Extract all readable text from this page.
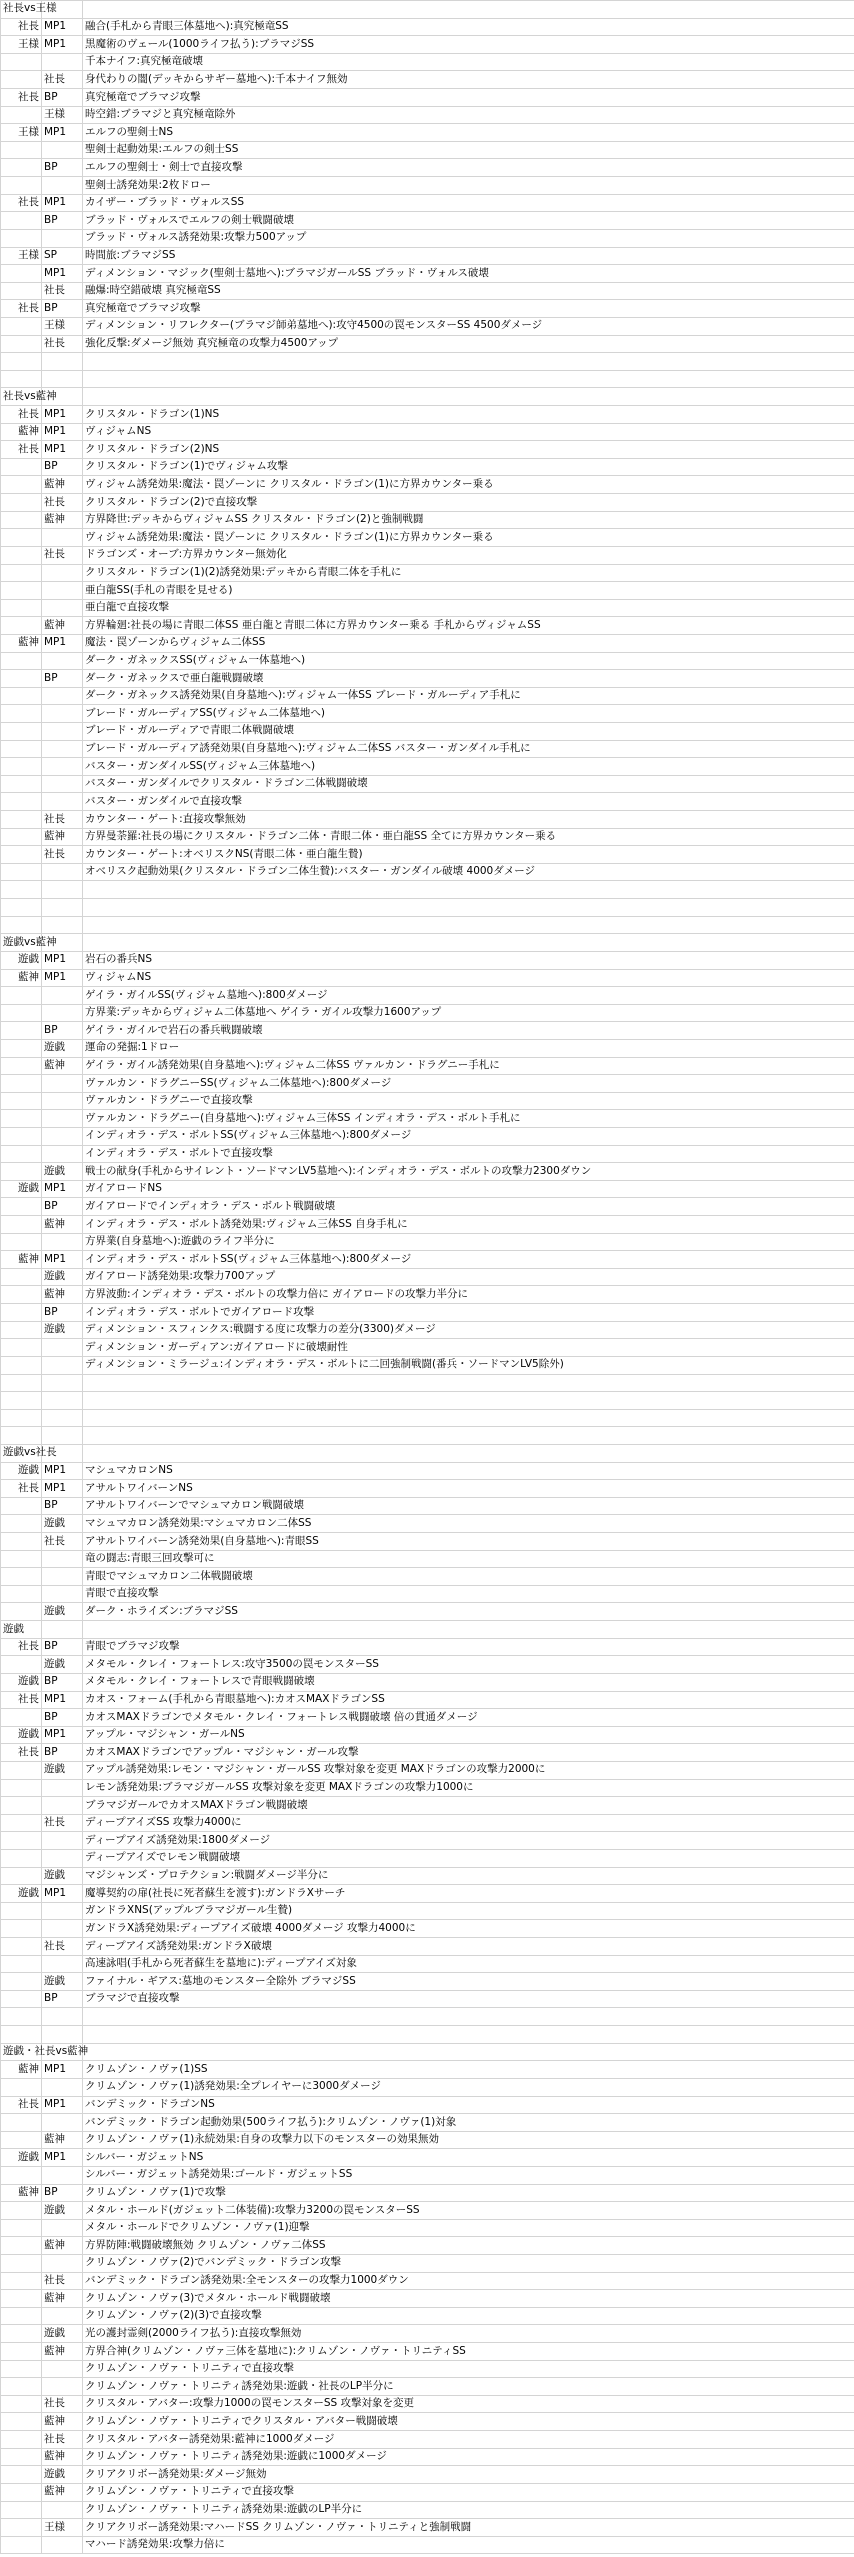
社長vs王様		
社長	MP1	融合(手札から青眼三体墓地へ):真究極竜SS
王様	MP1	黒魔術のヴェール(1000ライフ払う):ブラマジSS
		千本ナイフ:真究極竜破壊
	社長	身代わりの闇(デッキからサギー墓地へ):千本ナイフ無効
社長	BP	真究極竜でブラマジ攻撃
	王様	時空錯:ブラマジと真究極竜除外
王様	MP1	エルフの聖剣士NS
		聖剣士起動効果:エルフの剣士SS
	BP	エルフの聖剣士・剣士で直接攻撃
		聖剣士誘発効果:2枚ドロー
社長	MP1	カイザー・ブラッド・ヴォルスSS
	BP	ブラッド・ヴォルスでエルフの剣士戦闘破壊
		ブラッド・ヴォルス誘発効果:攻撃力500アップ
王様	SP	時間旅:ブラマジSS
	MP1	ディメンション・マジック(聖剣士墓地へ):ブラマジガールSS ブラッド・ヴォルス破壊
	社長	融爆:時空錯破壊 真究極竜SS
社長	BP	真究極竜でブラマジ攻撃
	王様	ディメンション・リフレクター(ブラマジ師弟墓地へ):攻守4500の罠モンスターSS 4500ダメージ
	社長	強化反撃:ダメージ無効 真究極竜の攻撃力4500アップ

社長vs藍神		
社長	MP1	クリスタル・ドラゴン(1)NS
藍神	MP1	ヴィジャムNS
社長	MP1	クリスタル・ドラゴン(2)NS
	BP	クリスタル・ドラゴン(1)でヴィジャム攻撃
	藍神	ヴィジャム誘発効果:魔法・罠ゾーンに クリスタル・ドラゴン(1)に方界カウンター乗る
	社長	クリスタル・ドラゴン(2)で直接攻撃
	藍神	方界降世:デッキからヴィジャムSS クリスタル・ドラゴン(2)と強制戦闘
		ヴィジャム誘発効果:魔法・罠ゾーンに クリスタル・ドラゴン(1)に方界カウンター乗る
	社長	ドラゴンズ・オーブ:方界カウンター無効化
		クリスタル・ドラゴン(1)(2)誘発効果:デッキから青眼二体を手札に
		亜白龍SS(手札の青眼を見せる)
		亜白龍で直接攻撃
	藍神	方界輪廻:社長の場に青眼二体SS 亜白龍と青眼二体に方界カウンター乗る 手札からヴィジャムSS
藍神	MP1	魔法・罠ゾーンからヴィジャム二体SS
		ダーク・ガネックスSS(ヴィジャム一体墓地へ)
	BP	ダーク・ガネックスで亜白龍戦闘破壊
		ダーク・ガネックス誘発効果(自身墓地へ):ヴィジャム一体SS ブレード・ガルーディア手札に
		ブレード・ガルーディアSS(ヴィジャム二体墓地へ)
		ブレード・ガルーディアで青眼二体戦闘破壊
		ブレード・ガルーディア誘発効果(自身墓地へ):ヴィジャム二体SS バスター・ガンダイル手札に
		バスター・ガンダイルSS(ヴィジャム三体墓地へ)
		バスター・ガンダイルでクリスタル・ドラゴン二体戦闘破壊
		バスター・ガンダイルで直接攻撃
	社長	カウンター・ゲート:直接攻撃無効
	藍神	方界曼荼羅:社長の場にクリスタル・ドラゴン二体・青眼二体・亜白龍SS 全てに方界カウンター乗る
	社長	カウンター・ゲート:オベリスクNS(青眼二体・亜白龍生贄)
		オベリスク起動効果(クリスタル・ドラゴン二体生贄):バスター・ガンダイル破壊 4000ダメージ

遊戯vs藍神		
遊戯	MP1	岩石の番兵NS
藍神	MP1	ヴィジャムNS
		ゲイラ・ガイルSS(ヴィジャム墓地へ):800ダメージ
		方界業:デッキからヴィジャム二体墓地へ ゲイラ・ガイル攻撃力1600アップ
	BP	ゲイラ・ガイルで岩石の番兵戦闘破壊
	遊戯	運命の発掘:1ドロー
	藍神	ゲイラ・ガイル誘発効果(自身墓地へ):ヴィジャム二体SS ヴァルカン・ドラグニー手札に
		ヴァルカン・ドラグニーSS(ヴィジャム二体墓地へ):800ダメージ
		ヴァルカン・ドラグニーで直接攻撃
		ヴァルカン・ドラグニー(自身墓地へ):ヴィジャム三体SS インディオラ・デス・ボルト手札に
		インディオラ・デス・ボルトSS(ヴィジャム三体墓地へ):800ダメージ
		インディオラ・デス・ボルトで直接攻撃
	遊戯	戦士の献身(手札からサイレント・ソードマンLV5墓地へ):インディオラ・デス・ボルトの攻撃力2300ダウン
遊戯	MP1	ガイアロードNS
	BP	ガイアロードでインディオラ・デス・ボルト戦闘破壊
	藍神	インディオラ・デス・ボルト誘発効果:ヴィジャム三体SS 自身手札に
		方界業(自身墓地へ):遊戯のライフ半分に
藍神	MP1	インディオラ・デス・ボルトSS(ヴィジャム三体墓地へ):800ダメージ
	遊戯	ガイアロード誘発効果:攻撃力700アップ
	藍神	方界波動:インディオラ・デス・ボルトの攻撃力倍に ガイアロードの攻撃力半分に
	BP	インディオラ・デス・ボルトでガイアロード攻撃
	遊戯	ディメンション・スフィンクス:戦闘する度に攻撃力の差分(3300)ダメージ
		ディメンション・ガーディアン:ガイアロードに破壊耐性
		ディメンション・ミラージュ:インディオラ・デス・ボルトに二回強制戦闘(番兵・ソードマンLV5除外)

遊戯vs社長		
遊戯	MP1	マシュマカロンNS
社長	MP1	アサルトワイバーンNS
	BP	アサルトワイバーンでマシュマカロン戦闘破壊
	遊戯	マシュマカロン誘発効果:マシュマカロン二体SS
	社長	アサルトワイバーン誘発効果(自身墓地へ):青眼SS
		竜の闘志:青眼三回攻撃可に
		青眼でマシュマカロン二体戦闘破壊
		青眼で直接攻撃
	遊戯	ダーク・ホライズン:ブラマジSS
遊戯		
社長	BP	青眼でブラマジ攻撃
	遊戯	メタモル・クレイ・フォートレス:攻守3500の罠モンスターSS
遊戯	BP	メタモル・クレイ・フォートレスで青眼戦闘破壊
社長	MP1	カオス・フォーム(手札から青眼墓地へ):カオスMAXドラゴンSS
	BP	カオスMAXドラゴンでメタモル・クレイ・フォートレス戦闘破壊 倍の貫通ダメージ
遊戯	MP1	アップル・マジシャン・ガールNS
社長	BP	カオスMAXドラゴンでアップル・マジシャン・ガール攻撃
	遊戯	アップル誘発効果:レモン・マジシャン・ガールSS 攻撃対象を変更 MAXドラゴンの攻撃力2000に
		レモン誘発効果:ブラマジガールSS 攻撃対象を変更 MAXドラゴンの攻撃力1000に
		ブラマジガールでカオスMAXドラゴン戦闘破壊
	社長	ディープアイズSS 攻撃力4000に
		ディープアイズ誘発効果:1800ダメージ
		ディープアイズでレモン戦闘破壊
	遊戯	マジシャンズ・プロテクション:戦闘ダメージ半分に
遊戯	MP1	魔導契約の扉(社長に死者蘇生を渡す):ガンドラXサーチ
		ガンドラXNS(アップルブラマジガール生贄)
		ガンドラX誘発効果:ディープアイズ破壊 4000ダメージ 攻撃力4000に
	社長	ディープアイズ誘発効果:ガンドラX破壊
		高速詠唱(手札から死者蘇生を墓地に):ディープアイズ対象
	遊戯	ファイナル・ギアス:墓地のモンスター全除外 ブラマジSS
	BP	ブラマジで直接攻撃

遊戯・社長vs藍神		
藍神	MP1	クリムゾン・ノヴァ(1)SS
		クリムゾン・ノヴァ(1)誘発効果:全プレイヤーに3000ダメージ
社長	MP1	バンデミック・ドラゴンNS
		バンデミック・ドラゴン起動効果(500ライフ払う):クリムゾン・ノヴァ(1)対象
	藍神	クリムゾン・ノヴァ(1)永続効果:自身の攻撃力以下のモンスターの効果無効
遊戯	MP1	シルバー・ガジェットNS
		シルバー・ガジェット誘発効果:ゴールド・ガジェットSS
藍神	BP	クリムゾン・ノヴァ(1)で攻撃
	遊戯	メタル・ホールド(ガジェット二体装備):攻撃力3200の罠モンスターSS
		メタル・ホールドでクリムゾン・ノヴァ(1)迎撃
	藍神	方界防陣:戦闘破壊無効 クリムゾン・ノヴァ二体SS
		クリムゾン・ノヴァ(2)でバンデミック・ドラゴン攻撃
	社長	バンデミック・ドラゴン誘発効果:全モンスターの攻撃力1000ダウン
	藍神	クリムゾン・ノヴァ(3)でメタル・ホールド戦闘破壊
		クリムゾン・ノヴァ(2)(3)で直接攻撃
	遊戯	光の護封霊剣(2000ライフ払う):直接攻撃無効
	藍神	方界合神(クリムゾン・ノヴァ三体を墓地に):クリムゾン・ノヴァ・トリニティSS
		クリムゾン・ノヴァ・トリニティで直接攻撃
		クリムゾン・ノヴァ・トリニティ誘発効果:遊戯・社長のLP半分に
	社長	クリスタル・アバター:攻撃力1000の罠モンスターSS 攻撃対象を変更
	藍神	クリムゾン・ノヴァ・トリニティでクリスタル・アバター戦闘破壊
	社長	クリスタル・アバター誘発効果:藍神に1000ダメージ
	藍神	クリムゾン・ノヴァ・トリニティ誘発効果:遊戯に1000ダメージ
	遊戯	クリアクリボー誘発効果:ダメージ無効
	藍神	クリムゾン・ノヴァ・トリニティで直接攻撃
		クリムゾン・ノヴァ・トリニティ誘発効果:遊戯のLP半分に
	王様	クリアクリボー誘発効果:マハードSS クリムゾン・ノヴァ・トリニティと強制戦闘
		マハード誘発効果:攻撃力倍に
